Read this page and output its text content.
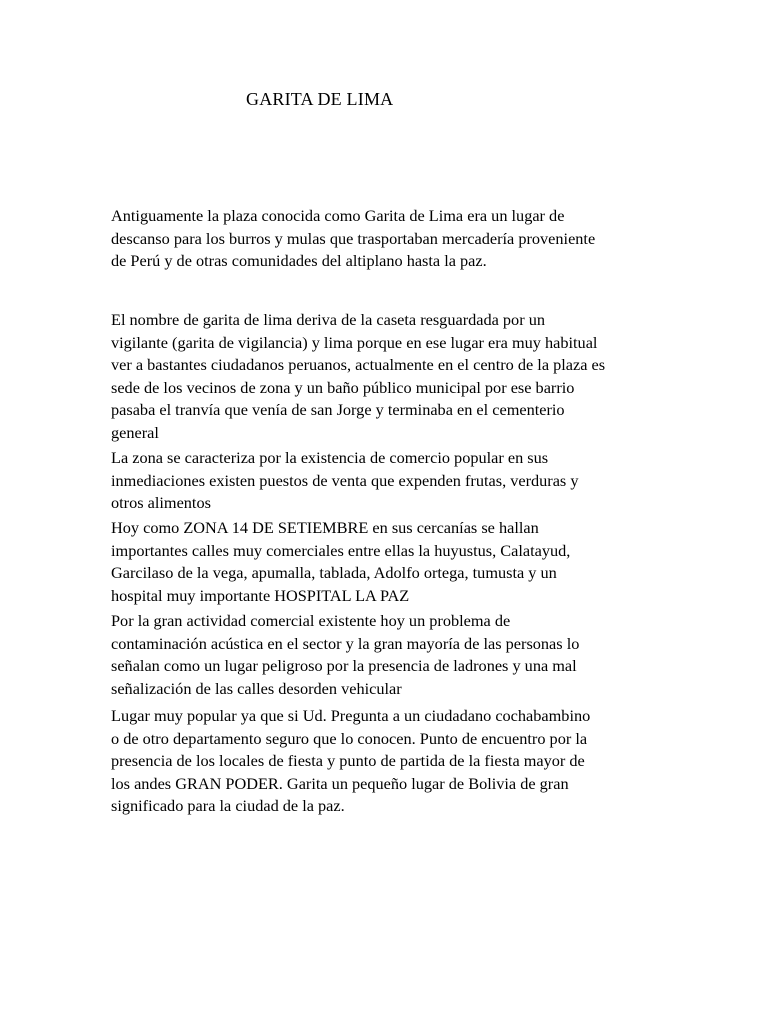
GARITA DE LIMA

Antiguamente la plaza conocida como Garita de Lima era un lugar de
descanso para los burros y mulas que trasportaban mercadería proveniente
de Perú y de otras comunidades del altiplano hasta la paz.

El nombre de garita de lima deriva de la caseta resguardada por un
vigilante (garita de vigilancia) y lima porque en ese lugar era muy habitual
ver a bastantes ciudadanos peruanos, actualmente en el centro de la plaza es
sede de los vecinos de zona y un baño público municipal por ese barrio
pasaba el tranvía que venía de san Jorge y terminaba en el cementerio
general

La zona se caracteriza por la existencia de comercio popular en sus
inmediaciones existen puestos de venta que expenden frutas, verduras y
otros alimentos

Hoy como ZONA 14 DE SETIEMBRE en sus cercanías se hallan
importantes calles muy comerciales entre ellas la huyustus, Calatayud,
Garcilaso de la vega, apumalla, tablada, Adolfo ortega, tumusta y un
hospital muy importante HOSPITAL LA PAZ

Por la gran actividad comercial existente hoy un problema de
contaminación acústica en el sector y la gran mayoría de las personas lo
señalan como un lugar peligroso por la presencia de ladrones y una mal
señalización de las calles desorden vehicular

Lugar muy popular ya que si Ud. Pregunta a un ciudadano cochabambino
o de otro departamento seguro que lo conocen. Punto de encuentro por la
presencia de los locales de fiesta y punto de partida de la fiesta mayor de
los andes GRAN PODER. Garita un pequeño lugar de Bolivia de gran
significado para la ciudad de la paz.
